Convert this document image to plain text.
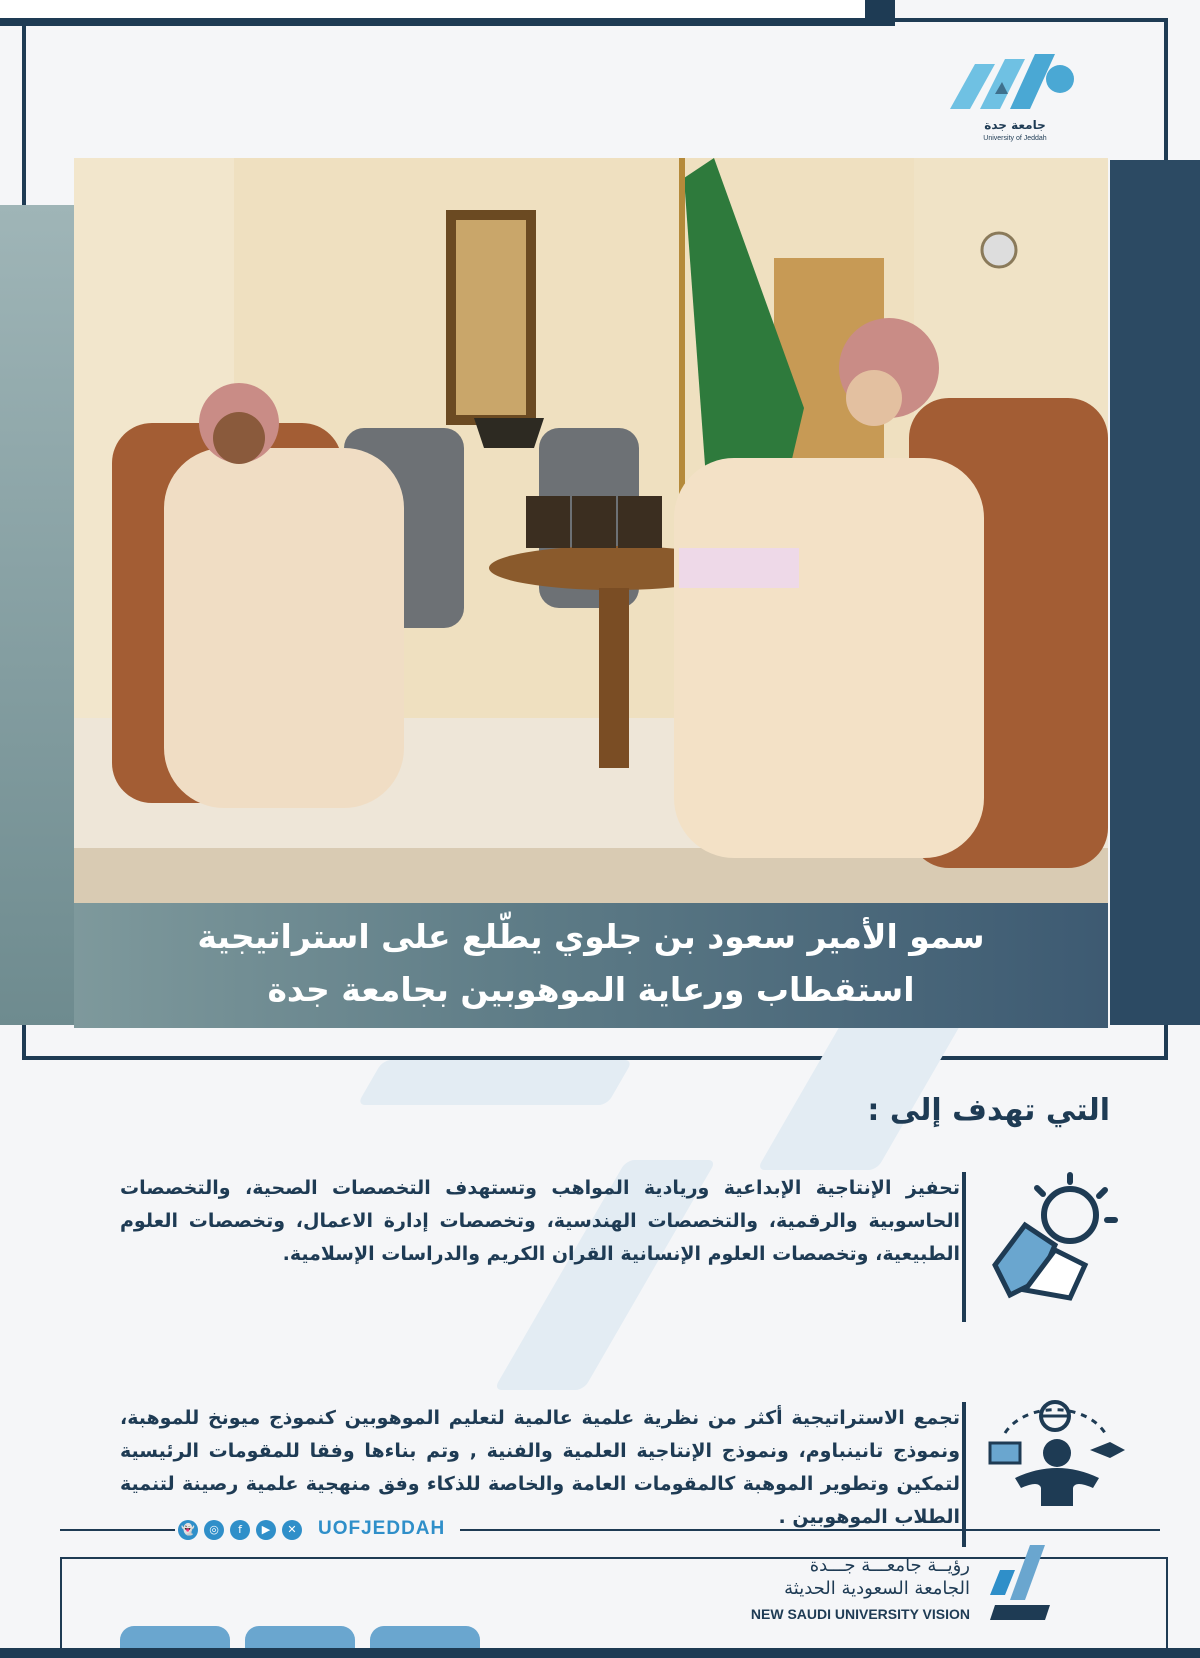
جامعة جدة
University of Jeddah
سمو الأمير سعود بن جلوي يطّلع على استراتيجية
استقطاب ورعاية الموهوبين بجامعة جدة
التي تهدف إلى :
تحفيز الإنتاجية الإبداعية وريادية المواهب وتستهدف التخصصات الصحية، والتخصصات الحاسوبية والرقمية، والتخصصات الهندسية، وتخصصات إدارة الاعمال، وتخصصات العلوم الطبيعية، وتخصصات العلوم الإنسانية القران الكريم والدراسات الإسلامية.
تجمع الاستراتيجية أكثر من نظرية علمية عالمية لتعليم الموهوبين كنموذج ميونخ للموهبة، ونموذج تانينباوم، ونموذج الإنتاجية العلمية والفنية , وتم بناءها وفقا للمقومات الرئيسية لتمكين وتطوير الموهبة كالمقومات العامة والخاصة للذكاء وفق منهجية علمية رصينة لتنمية الطلاب الموهوبين .
👻	◎	f	▶	✕ UOFJEDDAH
رؤيــة جامعـــة جـــدة
الجامعة السعودية الحديثة
NEW SAUDI UNIVERSITY VISION
